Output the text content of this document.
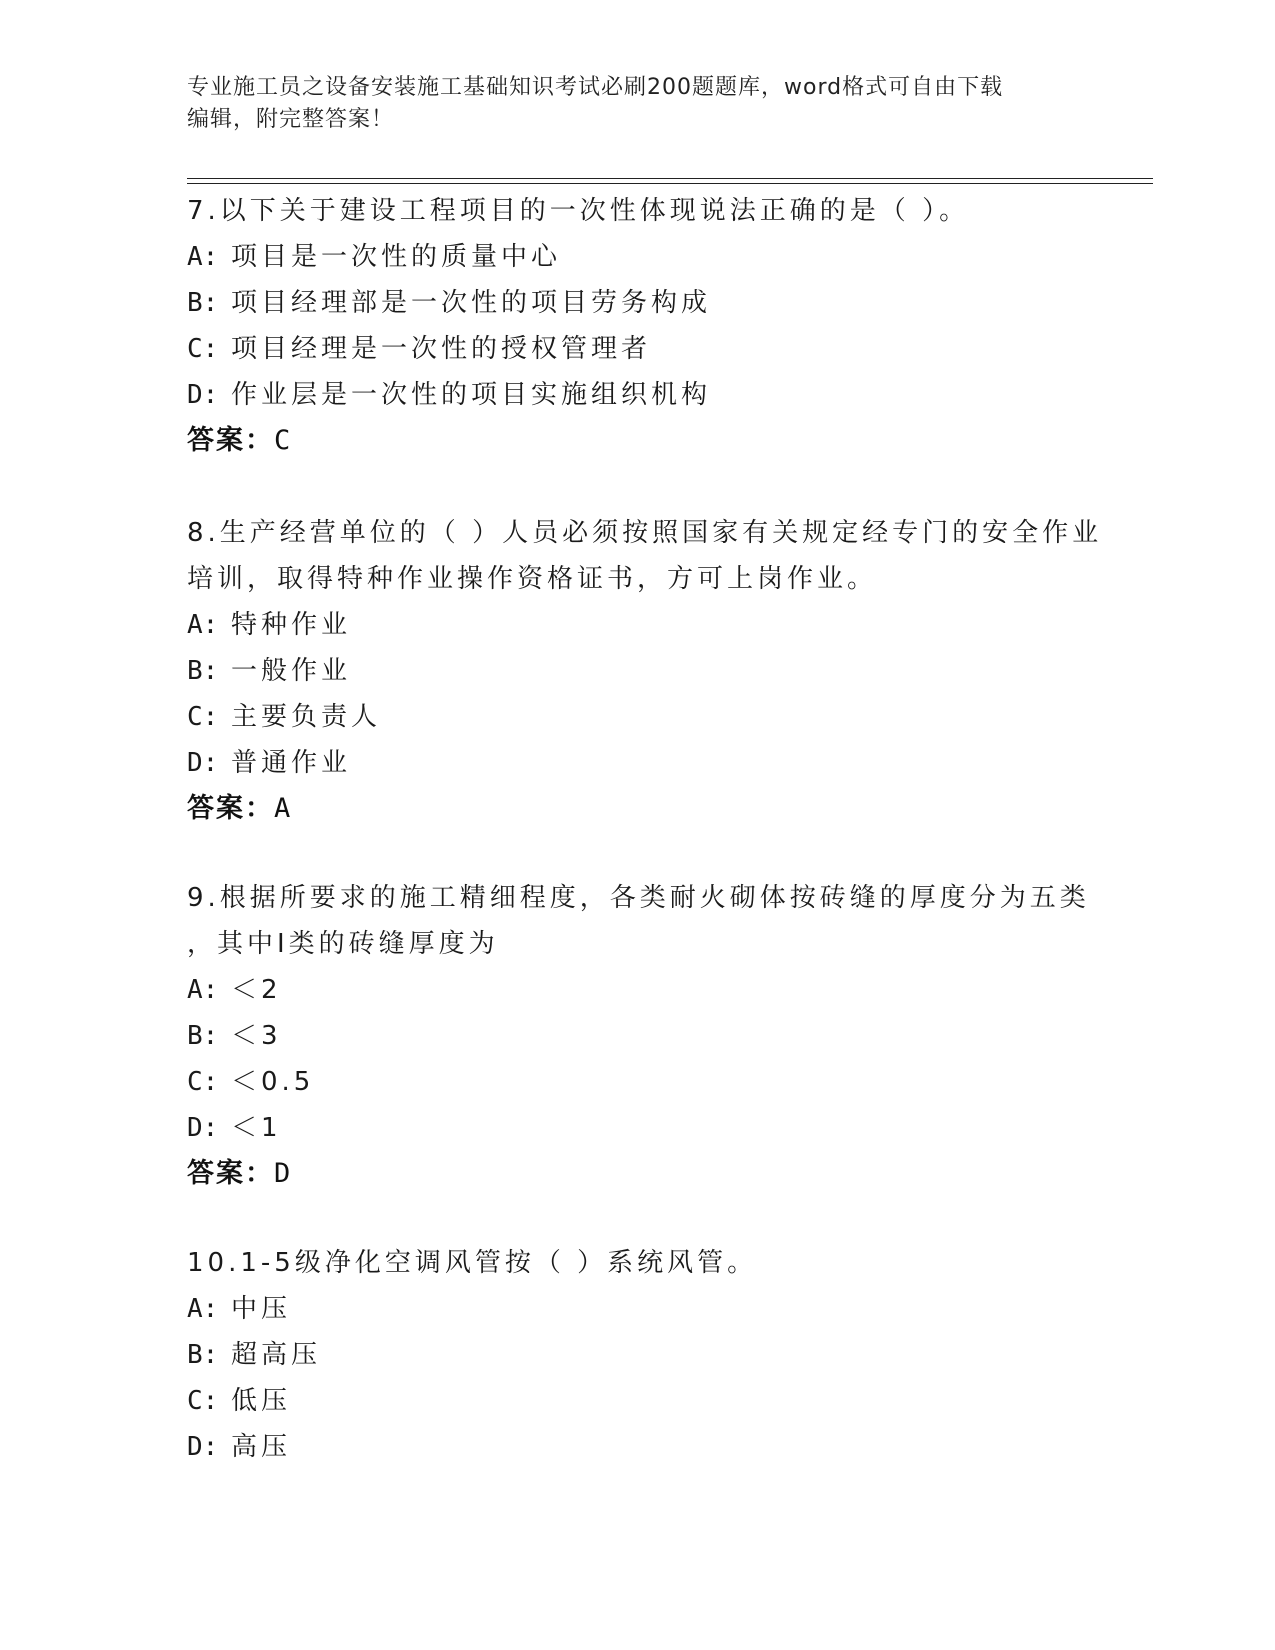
专业施工员之设备安装施工基础知识考试必刷200题题库，word格式可自由下载
编辑，附完整答案！
7.以下关于建设工程项目的一次性体现说法正确的是（ ）。
A: 项目是一次性的质量中心
B: 项目经理部是一次性的项目劳务构成
C: 项目经理是一次性的授权管理者
D: 作业层是一次性的项目实施组织机构
答案：C
8.生产经营单位的（ ）人员必须按照国家有关规定经专门的安全作业
培训，取得特种作业操作资格证书，方可上岗作业。
A: 特种作业
B: 一般作业
C: 主要负责人
D: 普通作业
答案：A
9.根据所要求的施工精细程度，各类耐火砌体按砖缝的厚度分为五类
，其中Ⅰ类的砖缝厚度为
A: ＜2
B: ＜3
C: ＜0.5
D: ＜1
答案：D
10.1-5级净化空调风管按（ ）系统风管。
A: 中压
B: 超高压
C: 低压
D: 高压
